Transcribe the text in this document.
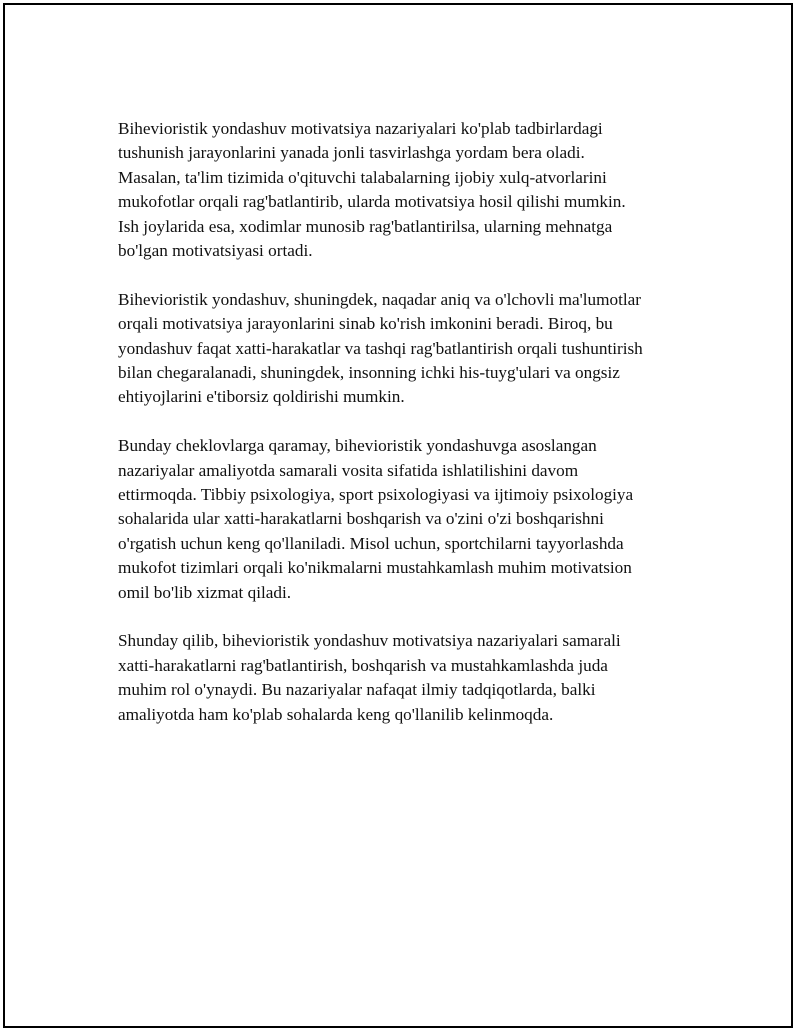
Bihevioristik yondashuv motivatsiya nazariyalari ko'plab tadbirlardagi
tushunish jarayonlarini yanada jonli tasvirlashga yordam bera oladi.
Masalan, ta'lim tizimida o'qituvchi talabalarning ijobiy xulq-atvorlarini
mukofotlar orqali rag'batlantirib, ularda motivatsiya hosil qilishi mumkin.
Ish joylarida esa, xodimlar munosib rag'batlantirilsa, ularning mehnatga
bo'lgan motivatsiyasi ortadi.

Bihevioristik yondashuv, shuningdek, naqadar aniq va o'lchovli ma'lumotlar
orqali motivatsiya jarayonlarini sinab ko'rish imkonini beradi. Biroq, bu
yondashuv faqat xatti-harakatlar va tashqi rag'batlantirish orqali tushuntirish
bilan chegaralanadi, shuningdek, insonning ichki his-tuyg'ulari va ongsiz
ehtiyojlarini e'tiborsiz qoldirishi mumkin.

Bunday cheklovlarga qaramay, bihevioristik yondashuvga asoslangan
nazariyalar amaliyotda samarali vosita sifatida ishlatilishini davom
ettirmoqda. Tibbiy psixologiya, sport psixologiyasi va ijtimoiy psixologiya
sohalarida ular xatti-harakatlarni boshqarish va o'zini o'zi boshqarishni
o'rgatish uchun keng qo'llaniladi. Misol uchun, sportchilarni tayyorlashda
mukofot tizimlari orqali ko'nikmalarni mustahkamlash muhim motivatsion
omil bo'lib xizmat qiladi.

Shunday qilib, bihevioristik yondashuv motivatsiya nazariyalari samarali
xatti-harakatlarni rag'batlantirish, boshqarish va mustahkamlashda juda
muhim rol o'ynaydi. Bu nazariyalar nafaqat ilmiy tadqiqotlarda, balki
amaliyotda ham ko'plab sohalarda keng qo'llanilib kelinmoqda.
